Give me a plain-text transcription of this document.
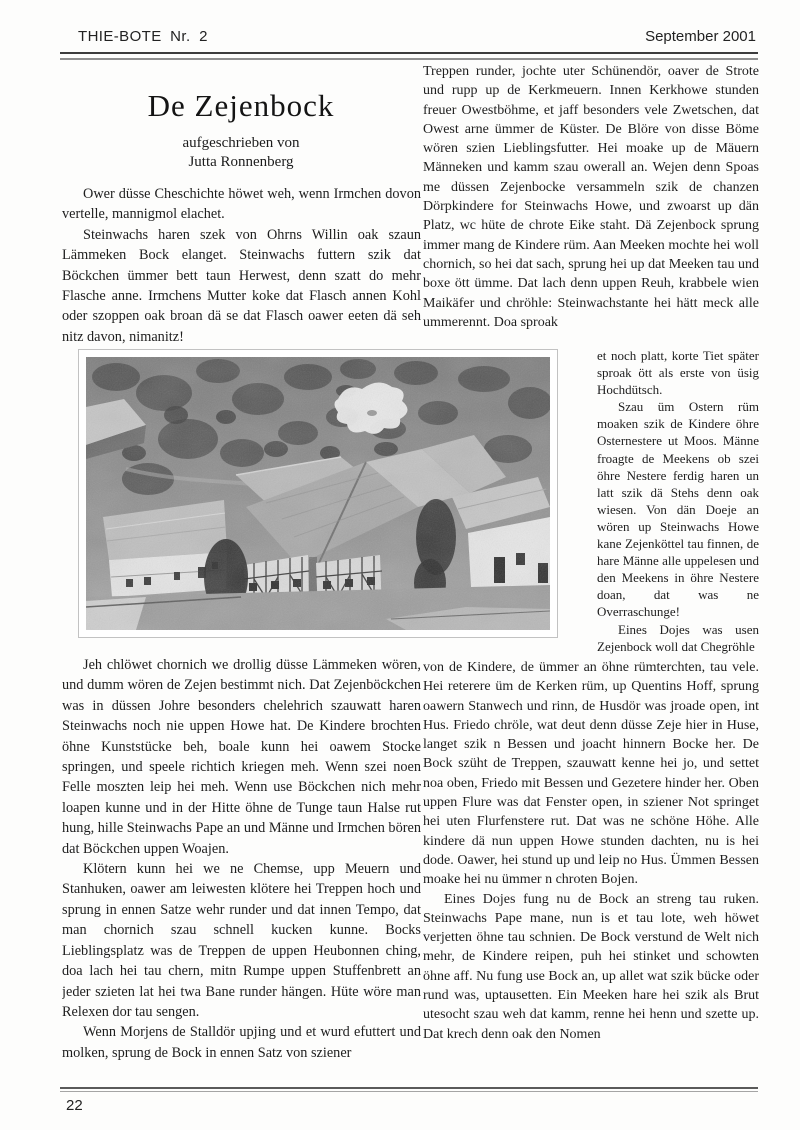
THIE-BOTE Nr. 2	September 2001
De Zejenbock
aufgeschrieben von
Jutta Ronnenberg

Ower düsse Cheschichte höwet weh, wenn Irmchen dovon vertelle, mannigmol elachet.

Steinwachs haren szek von Ohrns Willin oak szaun Lämmeken Bock elanget. Steinwachs futtern szik dat Böckchen ümmer bett taun Herwest, denn szatt do mehr Flasche anne. Irmchens Mutter koke dat Flasch annen Kohl oder szoppen oak broan dä se dat Flasch oawer eeten dä seh nitz davon, nimanitz!

Treppen runder, jochte uter Schünendör, oaver de Strote und rupp up de Kerkmeuern. Innen Kerkhowe stunden freuer Owestböhme, et jaff besonders vele Zwetschen, dat Owest arne ümmer de Küster. De Blöre von disse Böme wören szien Lieblingsfutter. Hei moake up de Mäuern Männeken und kamm szau owerall an. Wejen denn Spoas me düssen Zejenbocke versammeln szik de chanzen Dörpkindere for Steinwachs Howe, und zwoarst up dän Platz, wc hüte de chrote Eike staht. Dä Zejenbock sprung immer mang de Kindere rüm. Aan Meeken mochte hei woll chornich, so hei dat sach, sprung hei up dat Meeken tau und boxe ött ümme. Dat lach denn uppen Reuh, krabbele wien Maikäfer und chröhle: Steinwachstante hei hätt meck alle ummerennt. Doa sproak

et noch platt, korte Tiet später sproak ött als erste von üsig Hochdütsch.

Szau üm Ostern rüm moaken szik de Kindere öhre Osternestere ut Moos. Männe froagte de Meekens ob szei öhre Nestere ferdig haren un latt szik dä Stehs denn oak wiesen. Von dän Doeje an wören up Steinwachs Howe kane Zejenköttel tau finnen, de hare Männe alle uppelesen und den Meekens in öhre Nestere doan, dat was ne Overraschunge!

Eines Dojes was usen Zejenbock woll dat Chegröhle

von de Kindere, de ümmer an öhne rümterchten, tau vele. Hei reterere üm de Kerken rüm, up Quentins Hoff, sprung oawern Stanwech und rinn, de Husdör was jroade open, int Hus. Friedo chröle, wat deut denn düsse Zeje hier in Huse, langet szik n Bessen und joacht hinnern Bocke her. De Bock szüht de Treppen, szauwatt kenne hei jo, und settet noa oben, Friedo mit Bessen und Gezetere hinder her. Oben uppen Flure was dat Fenster open, in sziener Not springet hei uten Flurfenstere rut. Dat was ne schöne Höhe. Alle kindere dä nun uppen Howe stunden dachten, nu is hei dode. Oawer, hei stund up und leip no Hus. Ümmen Bessen moake hei nu ümmer n chroten Bojen.

Eines Dojes fung nu de Bock an streng tau ruken. Steinwachs Pape mane, nun is et tau lote, weh höwet verjetten öhne tau schnien. De Bock verstund de Welt nich mehr, de Kindere reipen, puh hei stinket und schowten öhne aff. Nu fung use Bock an, up allet wat szik bücke oder rund was, uptausetten. Ein Meeken hare hei szik als Brut utesocht szau weh dat kamm, renne hei henn und szette up. Dat krech denn oak den Nomen

Jeh chlöwet chornich we drollig düsse Lämmeken wören, und dumm wören de Zejen bestimmt nich. Dat Zejenböckchen was in düssen Johre besonders chelehrich szauwatt haren Steinwachs noch nie uppen Howe hat. De Kindere brochten öhne Kunststücke beh, boale kunn hei oawem Stocke springen, und speele richtich kriegen meh. Wenn szei noen Felle moszten leip hei meh. Wenn use Böckchen nich mehr loapen kunne und in der Hitte öhne de Tunge taun Halse rut hung, hille Steinwachs Pape an und Männe und Irmchen bören dat Böckchen uppen Woajen.

Klötern kunn hei we ne Chemse, upp Meuern und Stanhuken, oawer am leiwesten klötere hei Treppen hoch und sprung in ennen Satze wehr runder und dat innen Tempo, dat man chornich szau schnell kucken kunne. Bocks Lieblingsplatz was de Treppen de uppen Heubonnen ching, doa lach hei tau chern, mitn Rumpe uppen Stuffenbrett an jeder szieten lat hei twa Bane runder hängen. Hüte wöre man Relexen dor tau sengen.

Wenn Morjens de Stalldör upjing und et wurd efuttert und molken, sprung de Bock in ennen Satz von sziener

22
